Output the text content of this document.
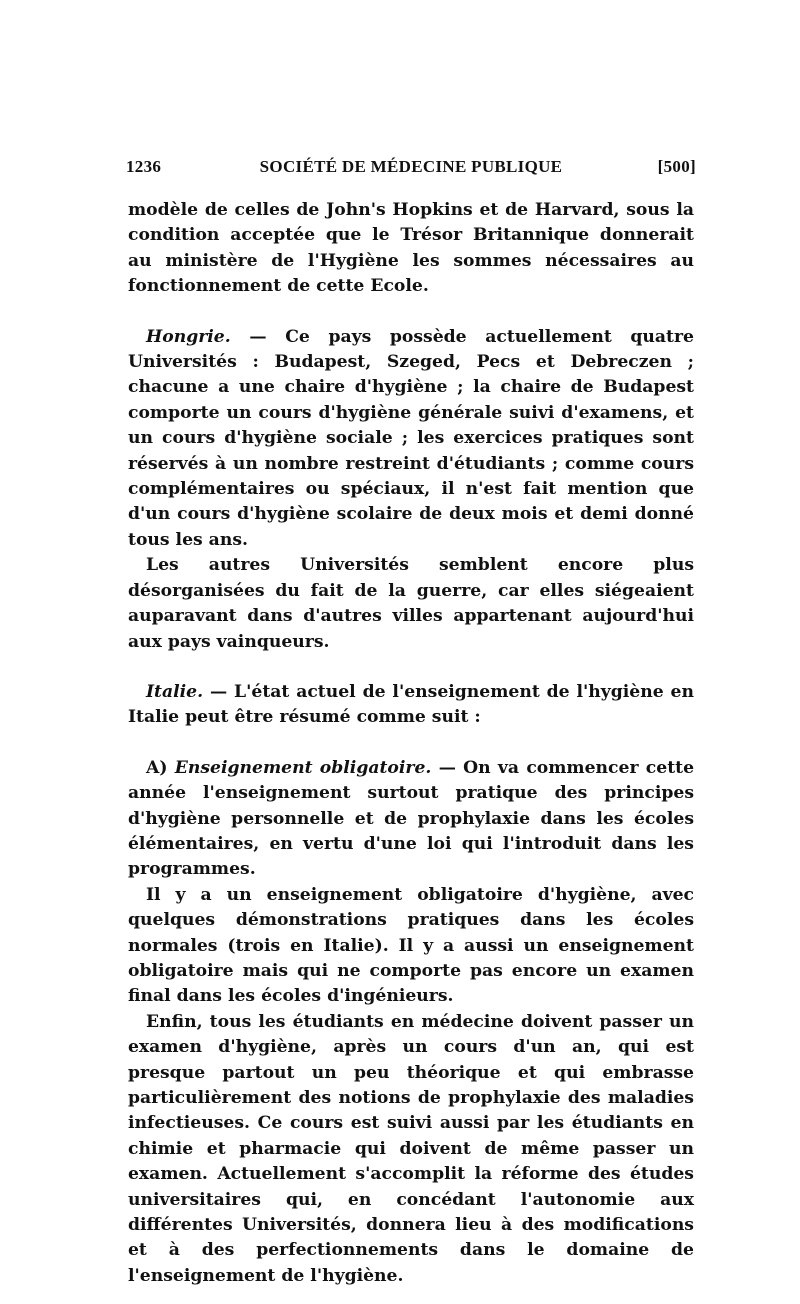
1236	SOCIÉTÉ DE MÉDECINE PUBLIQUE	[500]

modèle de celles de John's Hopkins et de Harvard, sous la condition acceptée que le Trésor Britannique donnerait au ministère de l'Hygiène les sommes nécessaires au fonctionnement de cette Ecole.

Hongrie. — Ce pays possède actuellement quatre Universités : Budapest, Szeged, Pecs et Debreczen ; chacune a une chaire d'hygiène ; la chaire de Budapest comporte un cours d'hygiène générale suivi d'examens, et un cours d'hygiène sociale ; les exercices pratiques sont réservés à un nombre restreint d'étudiants ; comme cours complémentaires ou spéciaux, il n'est fait mention que d'un cours d'hygiène scolaire de deux mois et demi donné tous les ans.

Les autres Universités semblent encore plus désorganisées du fait de la guerre, car elles siégeaient auparavant dans d'autres villes appartenant aujourd'hui aux pays vainqueurs.

Italie. — L'état actuel de l'enseignement de l'hygiène en Italie peut être résumé comme suit :

A) Enseignement obligatoire. — On va commencer cette année l'enseignement surtout pratique des principes d'hygiène personnelle et de prophylaxie dans les écoles élémentaires, en vertu d'une loi qui l'introduit dans les programmes.

Il y a un enseignement obligatoire d'hygiène, avec quelques démonstrations pratiques dans les écoles normales (trois en Italie). Il y a aussi un enseignement obligatoire mais qui ne comporte pas encore un examen final dans les écoles d'ingénieurs.

Enfin, tous les étudiants en médecine doivent passer un examen d'hygiène, après un cours d'un an, qui est presque partout un peu théorique et qui embrasse particulièrement des notions de prophylaxie des maladies infectieuses. Ce cours est suivi aussi par les étudiants en chimie et pharmacie qui doivent de même passer un examen. Actuellement s'accomplit la réforme des études universitaires qui, en concédant l'autonomie aux différentes Universités, donnera lieu à des modifications et à des perfectionnements dans le domaine de l'enseignement de l'hygiène.
